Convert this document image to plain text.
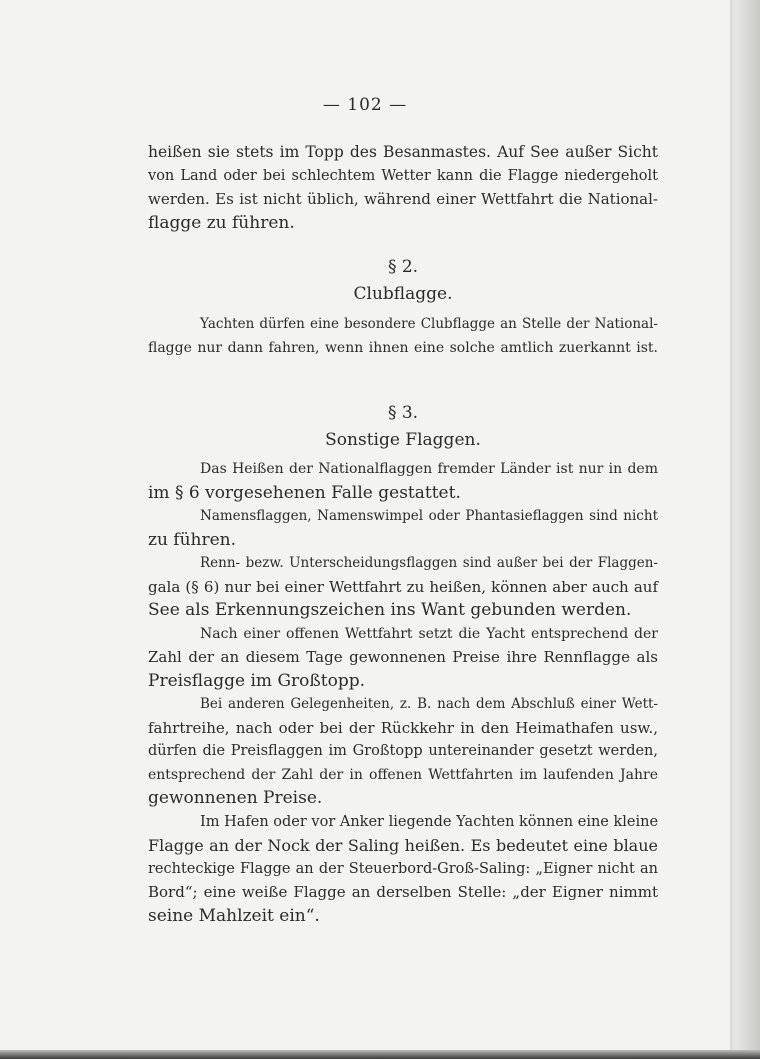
— 102 —
heißen sie stets im Topp des Besanmastes. Auf See außer Sicht
von Land oder bei schlechtem Wetter kann die Flagge niedergeholt
werden. Es ist nicht üblich, während einer Wettfahrt die National-
flagge zu führen.
§ 2.
Clubflagge.
Yachten dürfen eine besondere Clubflagge an Stelle der National-
flagge nur dann fahren, wenn ihnen eine solche amtlich zuerkannt ist.
§ 3.
Sonstige Flaggen.
Das Heißen der Nationalflaggen fremder Länder ist nur in dem
im § 6 vorgesehenen Falle gestattet.
Namensflaggen, Namenswimpel oder Phantasieflaggen sind nicht
zu führen.
Renn- bezw. Unterscheidungsflaggen sind außer bei der Flaggen-
gala (§ 6) nur bei einer Wettfahrt zu heißen, können aber auch auf
See als Erkennungszeichen ins Want gebunden werden.
Nach einer offenen Wettfahrt setzt die Yacht entsprechend der
Zahl der an diesem Tage gewonnenen Preise ihre Rennflagge als
Preisflagge im Großtopp.
Bei anderen Gelegenheiten, z. B. nach dem Abschluß einer Wett-
fahrtreihe, nach oder bei der Rückkehr in den Heimathafen usw.,
dürfen die Preisflaggen im Großtopp untereinander gesetzt werden,
entsprechend der Zahl der in offenen Wettfahrten im laufenden Jahre
gewonnenen Preise.
Im Hafen oder vor Anker liegende Yachten können eine kleine
Flagge an der Nock der Saling heißen. Es bedeutet eine blaue
rechteckige Flagge an der Steuerbord-Groß-Saling: „Eigner nicht an
Bord“; eine weiße Flagge an derselben Stelle: „der Eigner nimmt
seine Mahlzeit ein“.
